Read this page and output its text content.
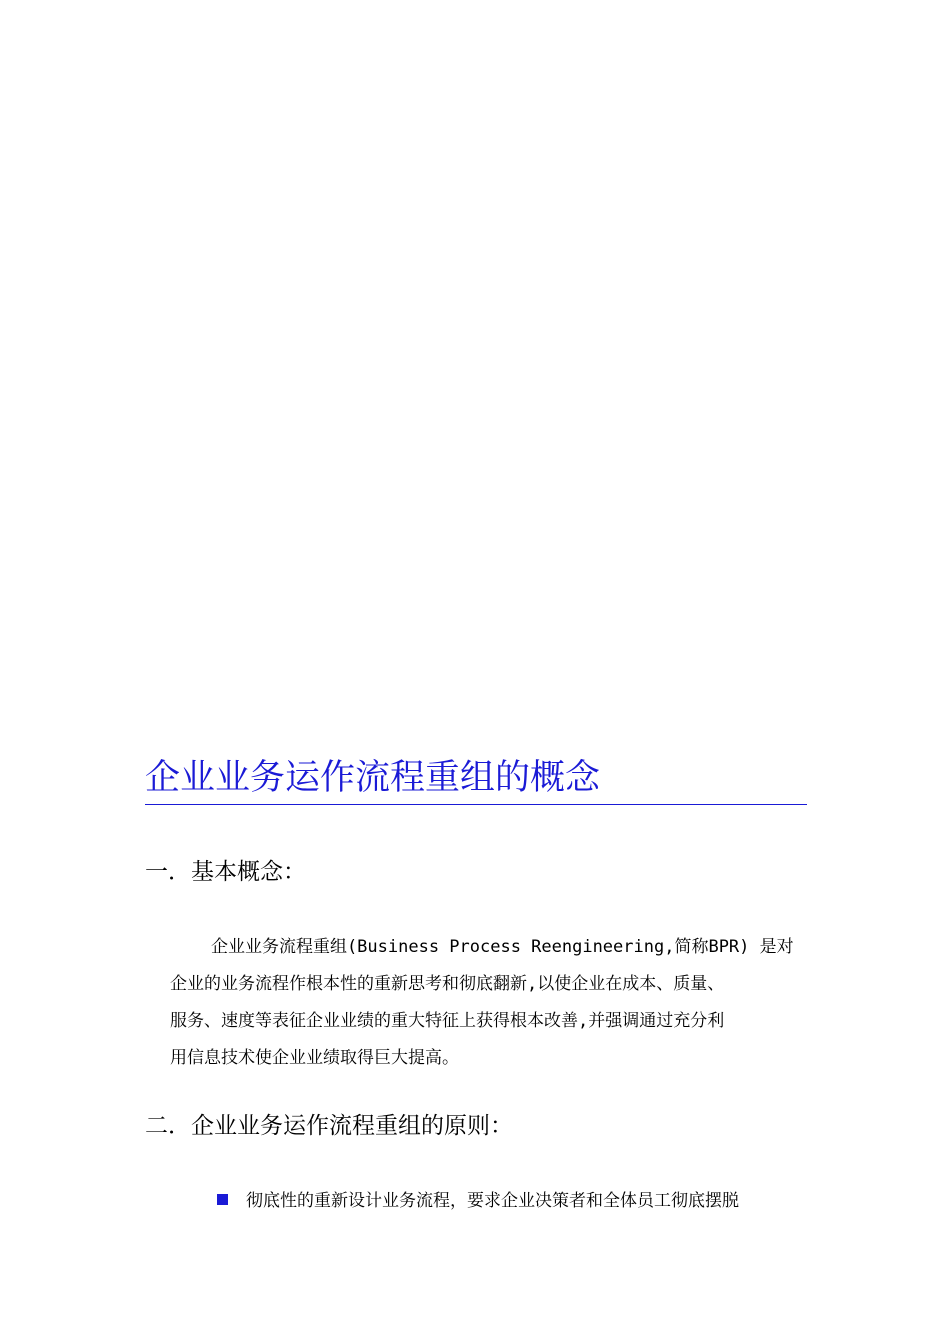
企业业务运作流程重组的概念
一．基本概念：
企业业务流程重组(Business Process Reengineering,简称BPR) 是对
企业的业务流程作根本性的重新思考和彻底翻新,以使企业在成本、质量、
服务、速度等表征企业业绩的重大特征上获得根本改善,并强调通过充分利
用信息技术使企业业绩取得巨大提高。
二．企业业务运作流程重组的原则：
彻底性的重新设计业务流程，要求企业决策者和全体员工彻底摆脱
